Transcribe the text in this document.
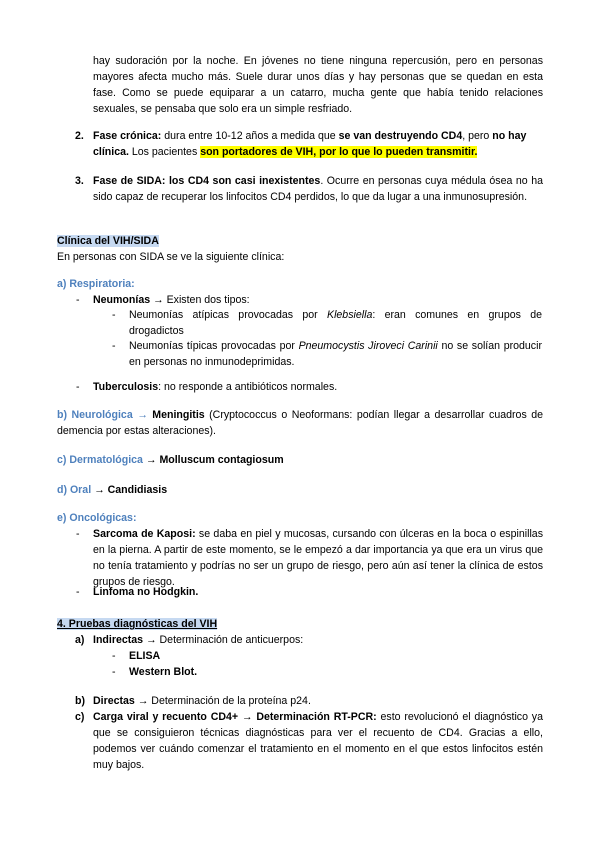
hay sudoración por la noche. En jóvenes no tiene ninguna repercusión, pero en personas mayores afecta mucho más. Suele durar unos días y hay personas que se quedan en esta fase. Como se puede equiparar a un catarro, mucha gente que había tenido relaciones sexuales, se pensaba que solo era un simple resfriado.

2. Fase crónica: dura entre 10-12 años a medida que se van destruyendo CD4, pero no hay clínica. Los pacientes son portadores de VIH, por lo que lo pueden transmitir.

3. Fase de SIDA: los CD4 son casi inexistentes. Ocurre en personas cuya médula ósea no ha sido capaz de recuperar los linfocitos CD4 perdidos, lo que da lugar a una inmunosupresión.

Clínica del VIH/SIDA

En personas con SIDA se ve la siguiente clínica:

a) Respiratoria:

- Neumonías → Existen dos tipos:

- Neumonías atípicas provocadas por Klebsiella: eran comunes en grupos de drogadictos

- Neumonías típicas provocadas por Pneumocystis Jiroveci Carinii no se solían producir en personas no inmunodeprimidas.

- Tuberculosis: no responde a antibióticos normales.

b) Neurológica → Meningitis (Cryptococcus o Neoformans: podían llegar a desarrollar cuadros de demencia por estas alteraciones).

c) Dermatológica → Molluscum contagiosum

d) Oral → Candidiasis

e) Oncológicas:

- Sarcoma de Kaposi: se daba en piel y mucosas, cursando con úlceras en la boca o espinillas en la pierna. A partir de este momento, se le empezó a dar importancia ya que era un virus que no tenía tratamiento y podrías no ser un grupo de riesgo, pero aún así tener la clínica de estos grupos de riesgo.

- Linfoma no Hodgkin.

4. Pruebas diagnósticas del VIH

a) Indirectas → Determinación de anticuerpos:

- ELISA

- Western Blot.

b) Directas → Determinación de la proteína p24.

c) Carga viral y recuento CD4+ → Determinación RT-PCR: esto revolucionó el diagnóstico ya que se consiguieron técnicas diagnósticas para ver el recuento de CD4. Gracias a ello, podemos ver cuándo comenzar el tratamiento en el momento en el que estos linfocitos estén muy bajos.
